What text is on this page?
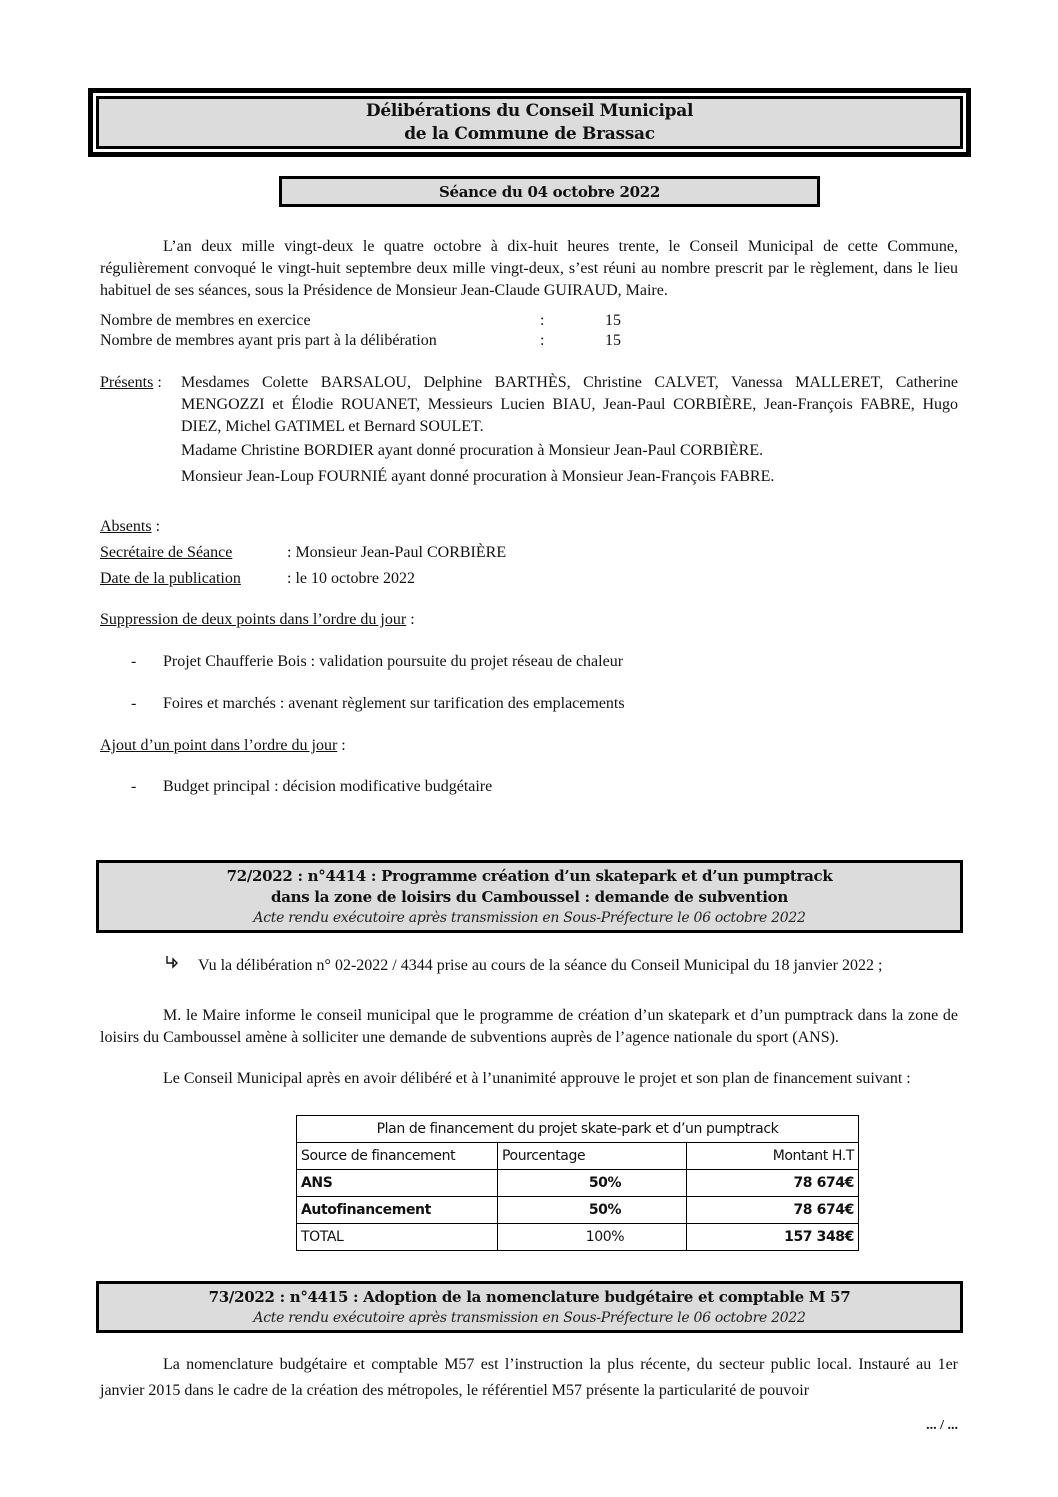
Délibérations du Conseil Municipal
de la Commune de Brassac
Séance du 04 octobre 2022
L’an deux mille vingt-deux le quatre octobre à dix-huit heures trente, le Conseil Municipal de cette Commune, régulièrement convoqué le vingt-huit septembre deux mille vingt-deux, s’est réuni au nombre prescrit par le règlement, dans le lieu habituel de ses séances, sous la Présidence de Monsieur Jean-Claude GUIRAUD, Maire.
Nombre de membres en exercice	:	15
Nombre de membres ayant pris part à la délibération	:	15
Présents : Mesdames Colette BARSALOU, Delphine BARTHÈS, Christine CALVET, Vanessa MALLERET, Catherine MENGOZZI et Élodie ROUANET, Messieurs Lucien BIAU, Jean-Paul CORBIÈRE, Jean-François FABRE, Hugo DIEZ, Michel GATIMEL et Bernard SOULET.
Madame Christine BORDIER ayant donné procuration à Monsieur Jean-Paul CORBIÈRE.
Monsieur Jean-Loup FOURNIÉ ayant donné procuration à Monsieur Jean-François FABRE.
Absents :
Secrétaire de Séance	: Monsieur Jean-Paul CORBIÈRE
Date de la publication	: le 10 octobre 2022
Suppression de deux points dans l’ordre du jour :
- Projet Chaufferie Bois : validation poursuite du projet réseau de chaleur
- Foires et marchés : avenant règlement sur tarification des emplacements
Ajout d’un point dans l’ordre du jour :
- Budget principal : décision modificative budgétaire
72/2022 : n°4414 : Programme création d’un skatepark et d’un pumptrack
dans la zone de loisirs du Camboussel : demande de subvention
Acte rendu exécutoire après transmission en Sous-Préfecture le 06 octobre 2022
Vu la délibération n° 02-2022 / 4344 prise au cours de la séance du Conseil Municipal du 18 janvier 2022 ;
M. le Maire informe le conseil municipal que le programme de création d’un skatepark et d’un pumptrack dans la zone de loisirs du Camboussel amène à solliciter une demande de subventions auprès de l’agence nationale du sport (ANS).
Le Conseil Municipal après en avoir délibéré et à l’unanimité approuve le projet et son plan de financement suivant :
Plan de financement du projet skate-park et d’un pumptrack		
Source de financement	Pourcentage	Montant H.T
ANS	50%	78 674€
Autofinancement	50%	78 674€
TOTAL	100%	157 348€
73/2022 : n°4415 : Adoption de la nomenclature budgétaire et comptable M 57
Acte rendu exécutoire après transmission en Sous-Préfecture le 06 octobre 2022
La nomenclature budgétaire et comptable M57 est l’instruction la plus récente, du secteur public local. Instauré au 1er janvier 2015 dans le cadre de la création des métropoles, le référentiel M57 présente la particularité de pouvoir
... / ...
